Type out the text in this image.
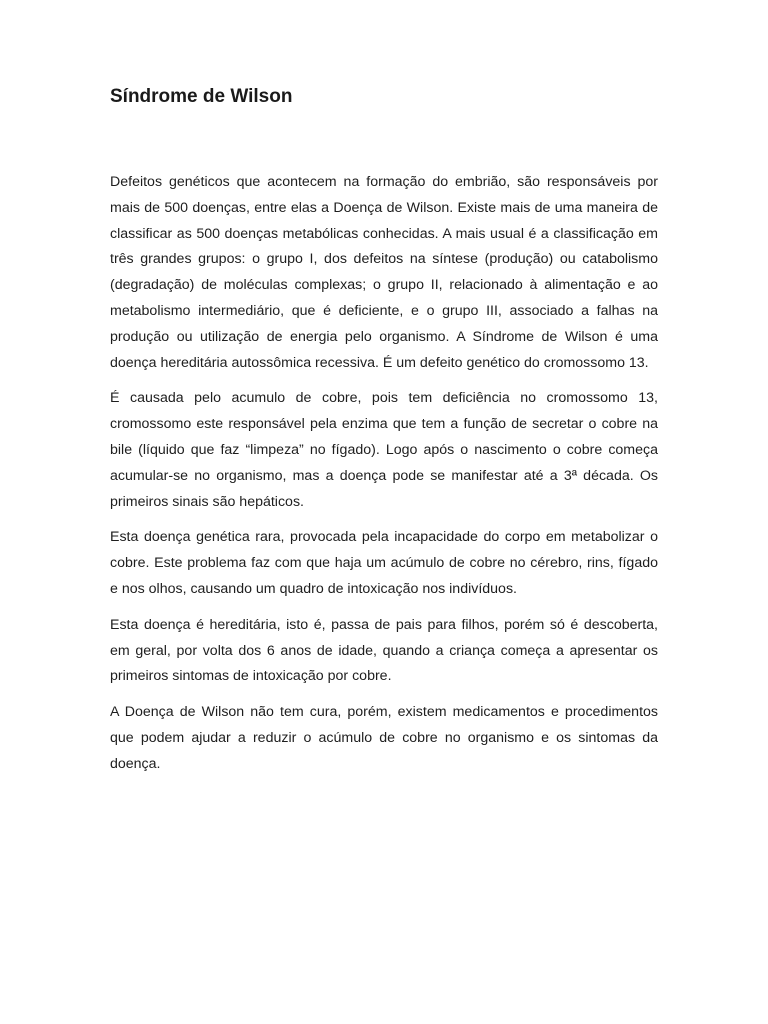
Síndrome de Wilson

Defeitos genéticos que acontecem na formação do embrião, são responsáveis por mais de 500 doenças, entre elas a Doença de Wilson. Existe mais de uma maneira de classificar as 500 doenças metabólicas conhecidas. A mais usual é a classificação em três grandes grupos: o grupo I, dos defeitos na síntese (produção) ou catabolismo (degradação) de moléculas complexas; o grupo II, relacionado à alimentação e ao metabolismo intermediário, que é deficiente, e o grupo III, associado a falhas na produção ou utilização de energia pelo organismo. A Síndrome de Wilson é uma doença hereditária autossômica recessiva. É um defeito genético do cromossomo 13.

É causada pelo acumulo de cobre, pois tem deficiência no cromossomo 13, cromossomo este responsável pela enzima que tem a função de secretar o cobre na bile (líquido que faz “limpeza” no fígado). Logo após o nascimento o cobre começa acumular-se no organismo, mas a doença pode se manifestar até a 3ª década. Os primeiros sinais são hepáticos.

Esta doença genética rara, provocada pela incapacidade do corpo em metabolizar o cobre. Este problema faz com que haja um acúmulo de cobre no cérebro, rins, fígado e nos olhos, causando um quadro de intoxicação nos indivíduos.

Esta doença é hereditária, isto é, passa de pais para filhos, porém só é descoberta, em geral, por volta dos 6 anos de idade, quando a criança começa a apresentar os primeiros sintomas de intoxicação por cobre.

A Doença de Wilson não tem cura, porém, existem medicamentos e procedimentos que podem ajudar a reduzir o acúmulo de cobre no organismo e os sintomas da doença.
